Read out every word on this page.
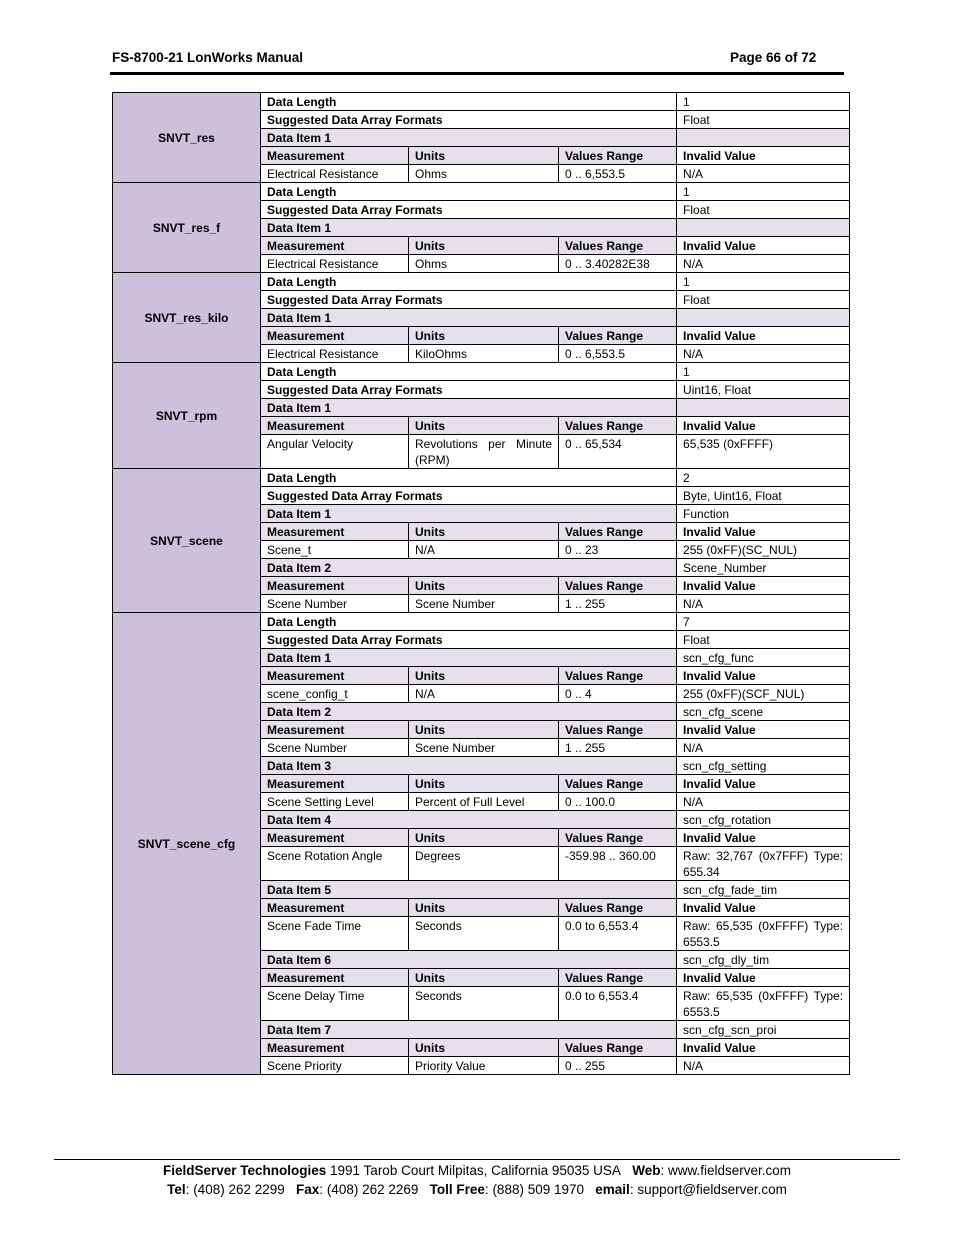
FS-8700-21 LonWorks Manual	Page 66 of 72
SNVT_res	Data Length			1
	Suggested Data Array Formats			Float
	Data Item 1			
	Measurement	Units	Values Range	Invalid Value
	Electrical Resistance	Ohms	0 .. 6,553.5	N/A
SNVT_res_f	Data Length			1
	Suggested Data Array Formats			Float
	Data Item 1			
	Measurement	Units	Values Range	Invalid Value
	Electrical Resistance	Ohms	0 .. 3.40282E38	N/A
SNVT_res_kilo	Data Length			1
	Suggested Data Array Formats			Float
	Data Item 1			
	Measurement	Units	Values Range	Invalid Value
	Electrical Resistance	KiloOhms	0 .. 6,553.5	N/A
SNVT_rpm	Data Length			1
	Suggested Data Array Formats			Uint16, Float
	Data Item 1			
	Measurement	Units	Values Range	Invalid Value
	Angular Velocity	Revolutions per Minute (RPM)	0 .. 65,534	65,535 (0xFFFF)
SNVT_scene	Data Length			2
	Suggested Data Array Formats			Byte, Uint16, Float
	Data Item 1			Function
	Measurement	Units	Values Range	Invalid Value
	Scene_t	N/A	0 .. 23	255 (0xFF)(SC_NUL)
	Data Item 2			Scene_Number
	Measurement	Units	Values Range	Invalid Value
	Scene Number	Scene Number	1 .. 255	N/A
SNVT_scene_cfg	Data Length			7
	Suggested Data Array Formats			Float
	Data Item 1			scn_cfg_func
	Measurement	Units	Values Range	Invalid Value
	scene_config_t	N/A	0 .. 4	255 (0xFF)(SCF_NUL)
	Data Item 2			scn_cfg_scene
	Measurement	Units	Values Range	Invalid Value
	Scene Number	Scene Number	1 .. 255	N/A
	Data Item 3			scn_cfg_setting
	Measurement	Units	Values Range	Invalid Value
	Scene Setting Level	Percent of Full Level	0 .. 100.0	N/A
	Data Item 4			scn_cfg_rotation
	Measurement	Units	Values Range	Invalid Value
	Scene Rotation Angle	Degrees	-359.98 .. 360.00	Raw: 32,767 (0x7FFF) Type: 655.34
	Data Item 5			scn_cfg_fade_tim
	Measurement	Units	Values Range	Invalid Value
	Scene Fade Time	Seconds	0.0 to 6,553.4	Raw: 65,535 (0xFFFF) Type: 6553.5
	Data Item 6			scn_cfg_dly_tim
	Measurement	Units	Values Range	Invalid Value
	Scene Delay Time	Seconds	0.0 to 6,553.4	Raw: 65,535 (0xFFFF) Type: 6553.5
	Data Item 7			scn_cfg_scn_proi
	Measurement	Units	Values Range	Invalid Value
	Scene Priority	Priority Value	0 .. 255	N/A
FieldServer Technologies 1991 Tarob Court Milpitas, California 95035 USA Web: www.fieldserver.com
Tel: (408) 262 2299 Fax: (408) 262 2269 Toll Free: (888) 509 1970 email: support@fieldserver.com
